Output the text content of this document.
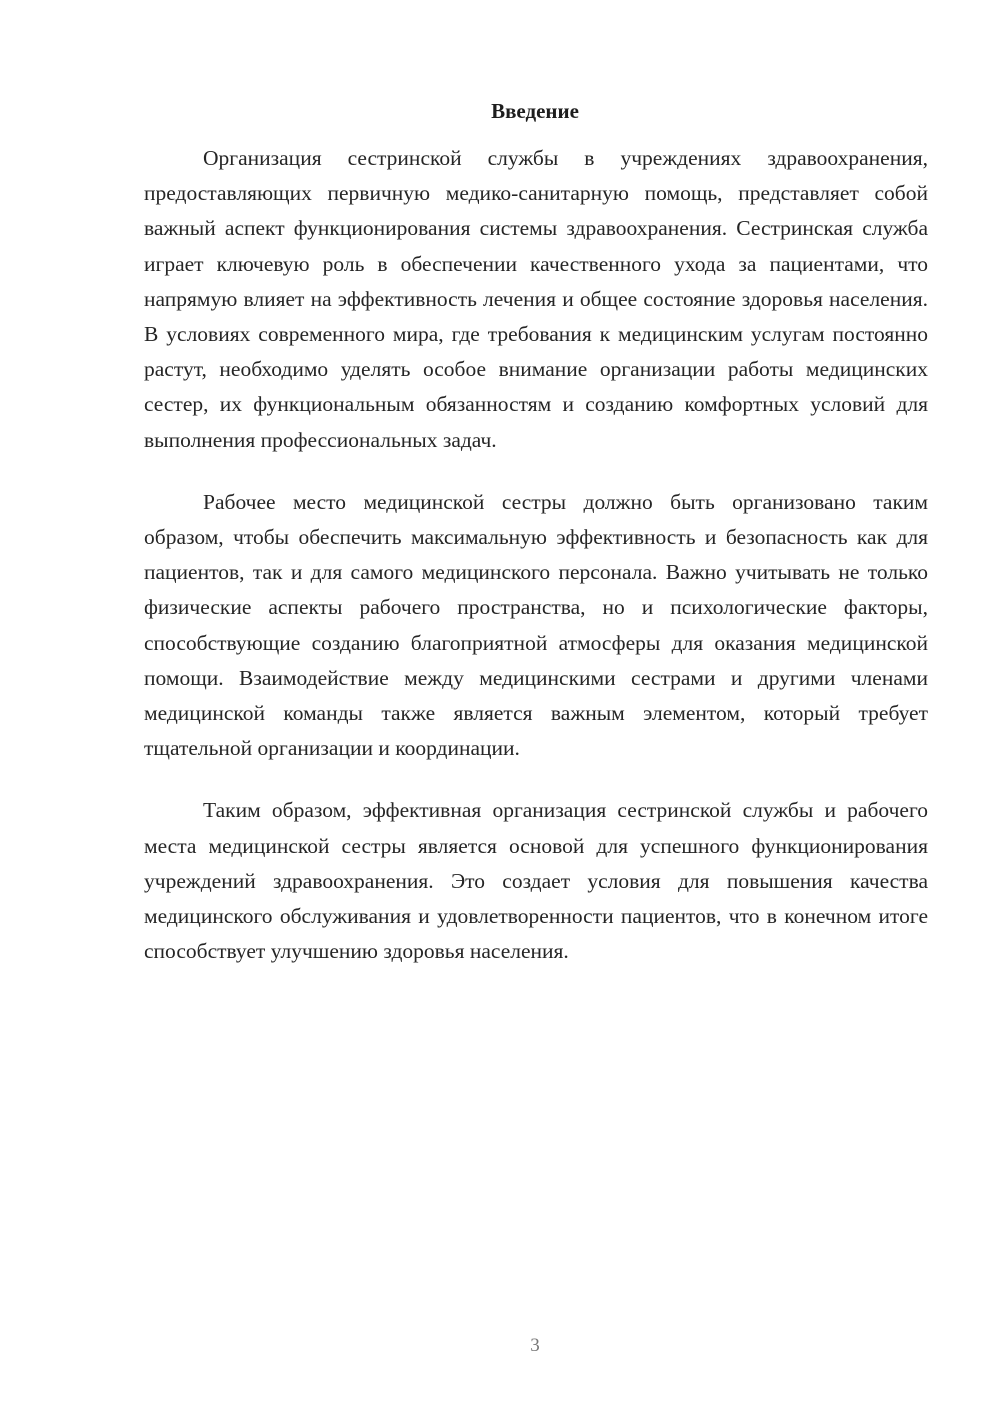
Введение

Организация сестринской службы в учреждениях здравоохранения, предоставляющих первичную медико-санитарную помощь, представляет собой важный аспект функционирования системы здравоохранения. Сестринская служба играет ключевую роль в обеспечении качественного ухода за пациентами, что напрямую влияет на эффективность лечения и общее состояние здоровья населения. В условиях современного мира, где требования к медицинским услугам постоянно растут, необходимо уделять особое внимание организации работы медицинских сестер, их функциональным обязанностям и созданию комфортных условий для выполнения профессиональных задач.

Рабочее место медицинской сестры должно быть организовано таким образом, чтобы обеспечить максимальную эффективность и безопасность как для пациентов, так и для самого медицинского персонала. Важно учитывать не только физические аспекты рабочего пространства, но и психологические факторы, способствующие созданию благоприятной атмосферы для оказания медицинской помощи. Взаимодействие между медицинскими сестрами и другими членами медицинской команды также является важным элементом, который требует тщательной организации и координации.

Таким образом, эффективная организация сестринской службы и рабочего места медицинской сестры является основой для успешного функционирования учреждений здравоохранения. Это создает условия для повышения качества медицинского обслуживания и удовлетворенности пациентов, что в конечном итоге способствует улучшению здоровья населения.

3
